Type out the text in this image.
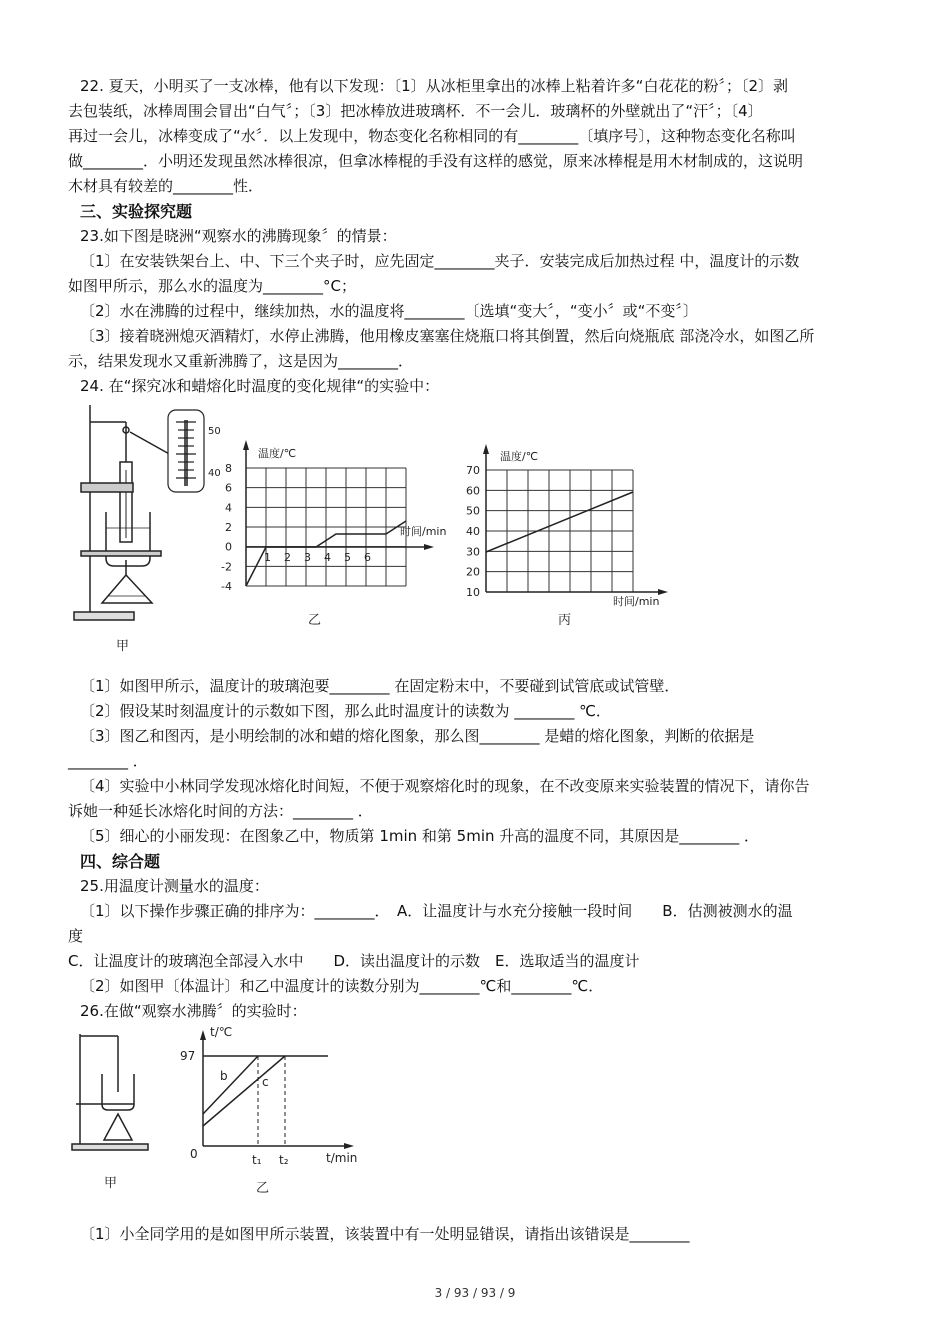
22. 夏天，小明买了一支冰棒，他有以下发现：〔1〕从冰柜里拿出的冰棒上粘着许多“白花花的粉〞；〔2〕剥

去包装纸，冰棒周围会冒出“白气〞；〔3〕把冰棒放进玻璃杯．不一会儿．玻璃杯的外壁就出了“汗〞；〔4〕

再过一会儿，冰棒变成了“水〞．以上发现中，物态变化名称相同的有________〔填序号〕，这种物态变化名称叫

做________．小明还发现虽然冰棒很凉，但拿冰棒棍的手没有这样的感觉，原来冰棒棍是用木材制成的，这说明

木材具有较差的________性．

三、实验探究题

23.如下图是晓洲“观察水的沸腾现象〞的情景：

〔1〕在安装铁架台上、中、下三个夹子时，应先固定________夹子．安装完成后加热过程 中，温度计的示数

如图甲所示，那么水的温度为________°C；

〔2〕水在沸腾的过程中，继续加热，水的温度将________〔选填“变大〞，“变小〞或“不变〞〕

〔3〕接着晓洲熄灭酒精灯，水停止沸腾，他用橡皮塞塞住烧瓶口将其倒置，然后向烧瓶底 部浇冷水，如图乙所

示，结果发现水又重新沸腾了，这是因为________．

24. 在“探究冰和蜡熔化时温度的变化规律“的实验中：

50
40
甲
温度/℃
时间/min
8
6
4
2
0
-2
-4
1 2 3 4 5 6
乙
温度/℃
时间/min
70
60
50
40
30
20
10
丙

〔1〕如图甲所示，温度计的玻璃泡要________ 在固定粉末中，不要碰到试管底或试管壁．

〔2〕假设某时刻温度计的示数如下图，那么此时温度计的读数为 ________ ℃．

〔3〕图乙和图丙，是小明绘制的冰和蜡的熔化图象，那么图________ 是蜡的熔化图象，判断的依据是

________ ．

〔4〕实验中小林同学发现冰熔化时间短，不便于观察熔化时的现象，在不改变原来实验装置的情况下，请你告

诉她一种延长冰熔化时间的方法：________ ．

〔5〕细心的小丽发现：在图象乙中，物质第 1min 和第 5min 升高的温度不同，其原因是________ ．

四、综合题

25.用温度计测量水的温度：

〔1〕以下操作步骤正确的排序为：________．　A．让温度计与水充分接触一段时间　　B．估测被测水的温

度

C．让温度计的玻璃泡全部浸入水中　　D．读出温度计的示数　E．选取适当的温度计

〔2〕如图甲〔体温计〕和乙中温度计的读数分别为________℃和________℃．

26.在做“观察水沸腾〞的实验时：

t/℃
97
0	t₁ t₂	t/min
b	c
甲	乙

〔1〕小全同学用的是如图甲所示装置，该装置中有一处明显错误，请指出该错误是________

3 / 93 / 93 / 9
